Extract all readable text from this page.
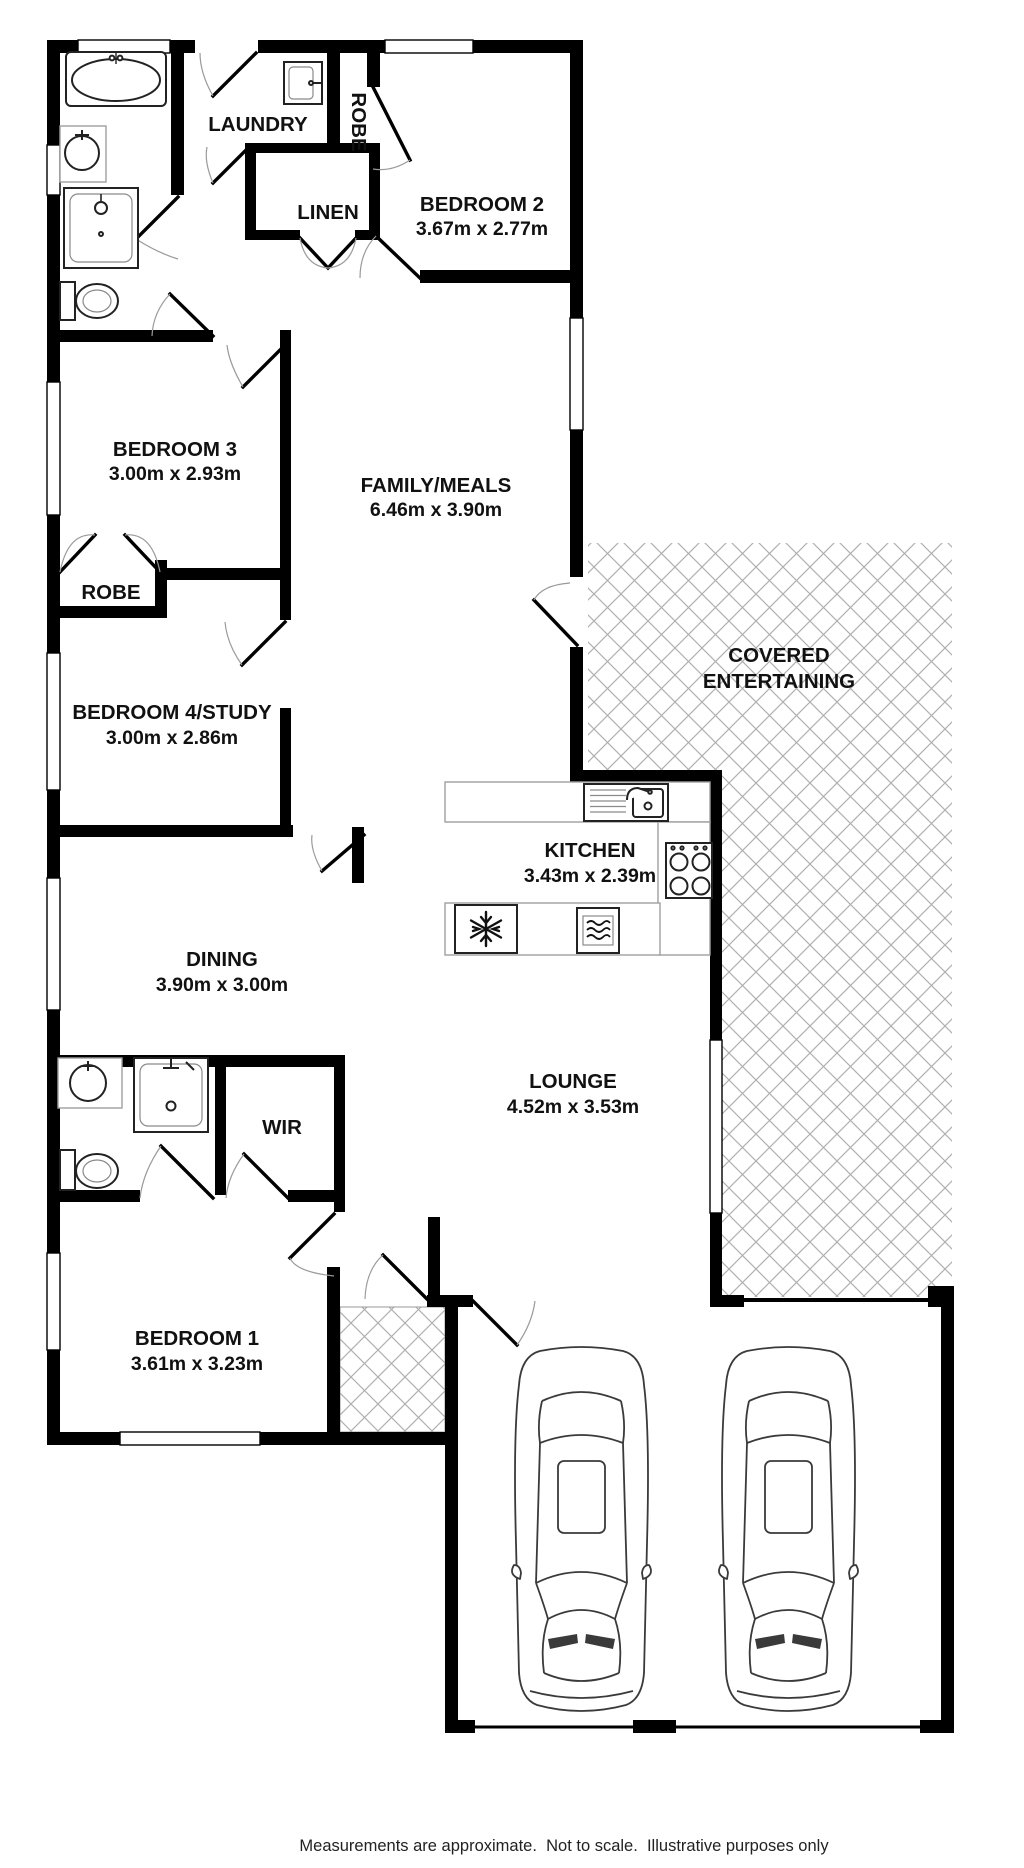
LAUNDRY ROBE
LINEN	BEDROOM 2
3.67m x 2.77m
BEDROOM 3
3.00m x 2.93m	FAMILY/MEALS
6.46m x 3.90m
ROBE
BEDROOM 4/STUDY
3.00m x 2.86m
COVERED
ENTERTAINING
KITCHEN
3.43m x 2.39m
DINING
3.90m x 3.00m
LOUNGE
4.52m x 3.53m
WIR
BEDROOM 1
3.61m x 3.23m
Measurements are approximate.  Not to scale.  Illustrative purposes only
